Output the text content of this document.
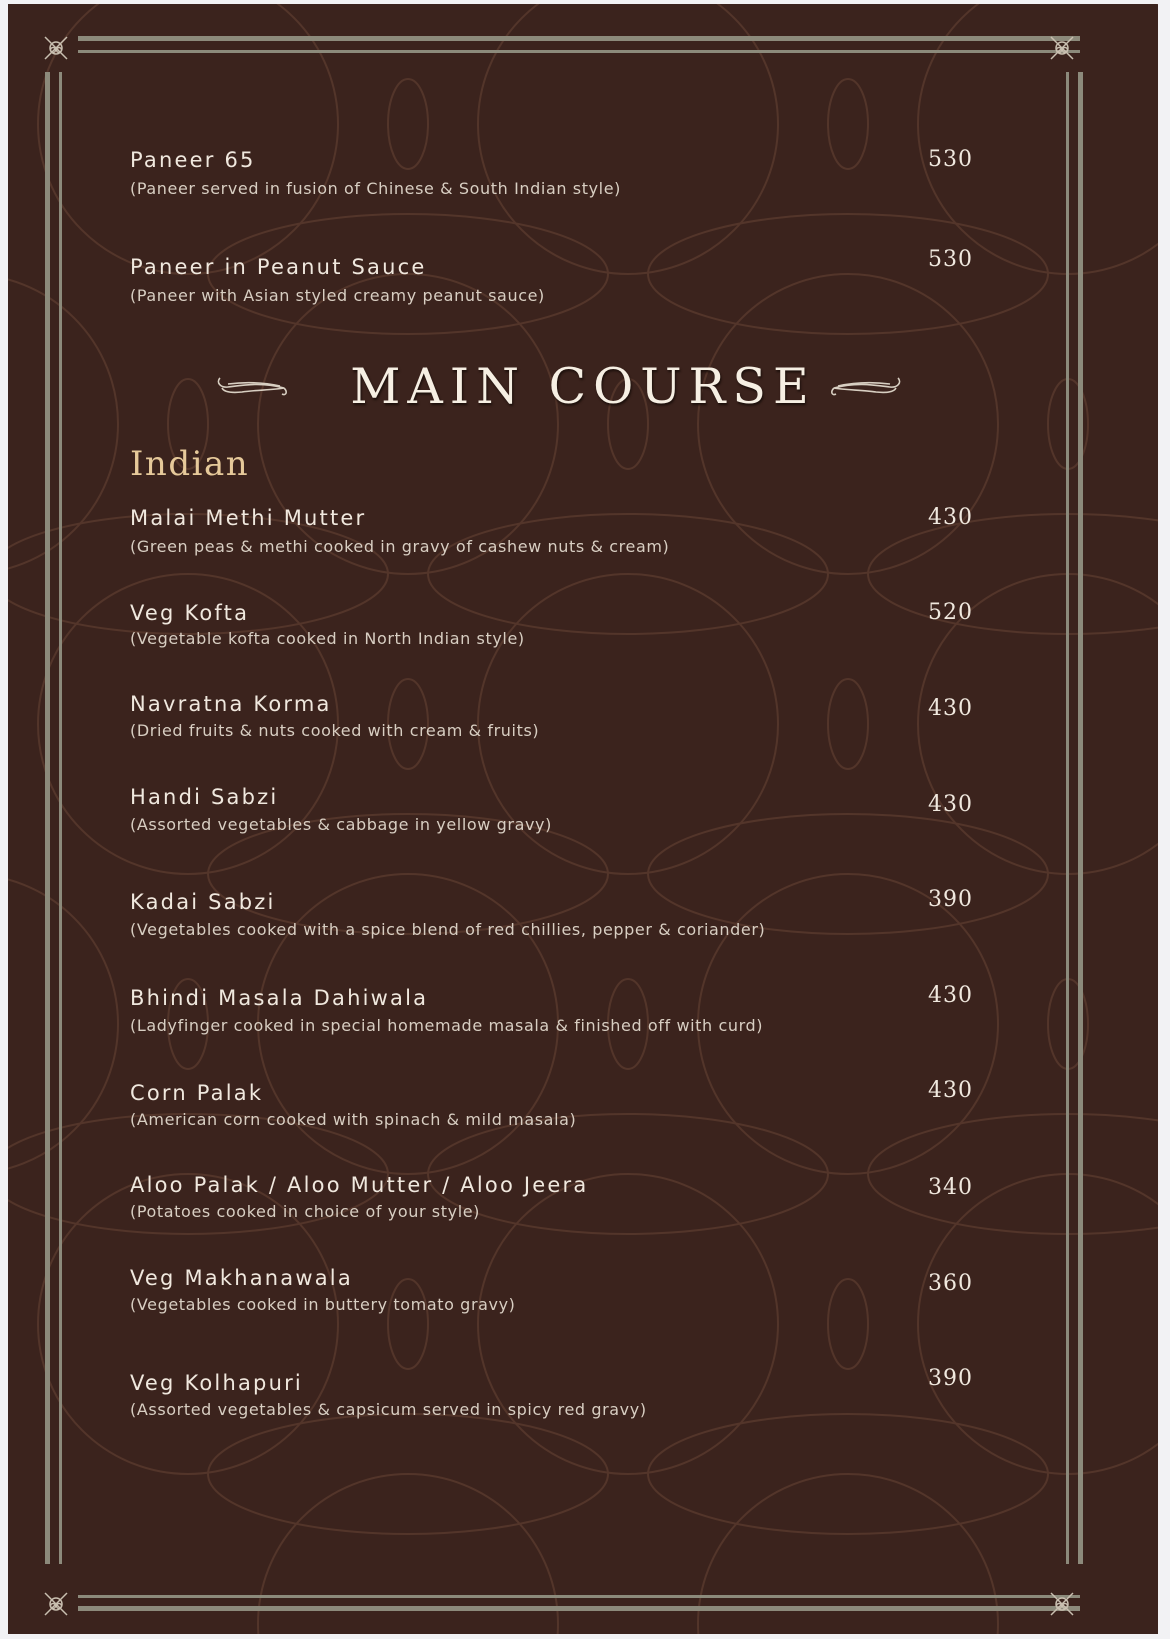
Paneer 65
(Paneer served in fusion of Chinese & South Indian style)
530
Paneer in Peanut Sauce
(Paneer with Asian styled creamy peanut sauce)
530
MAIN COURSE
Indian
Malai Methi Mutter
(Green peas & methi cooked in gravy of cashew nuts & cream)
430
Veg Kofta
(Vegetable kofta cooked in North Indian style)
520
Navratna Korma
(Dried fruits & nuts cooked with cream & fruits)
430
Handi Sabzi
(Assorted vegetables & cabbage in yellow gravy)
430
Kadai Sabzi
(Vegetables cooked with a spice blend of red chillies, pepper & coriander)
390
Bhindi Masala Dahiwala
(Ladyfinger cooked in special homemade masala & finished off with curd)
430
Corn Palak
(American corn cooked with spinach & mild masala)
430
Aloo Palak / Aloo Mutter / Aloo Jeera
(Potatoes cooked in choice of your style)
340
Veg Makhanawala
(Vegetables cooked in buttery tomato gravy)
360
Veg Kolhapuri
(Assorted vegetables & capsicum served in spicy red gravy)
390
